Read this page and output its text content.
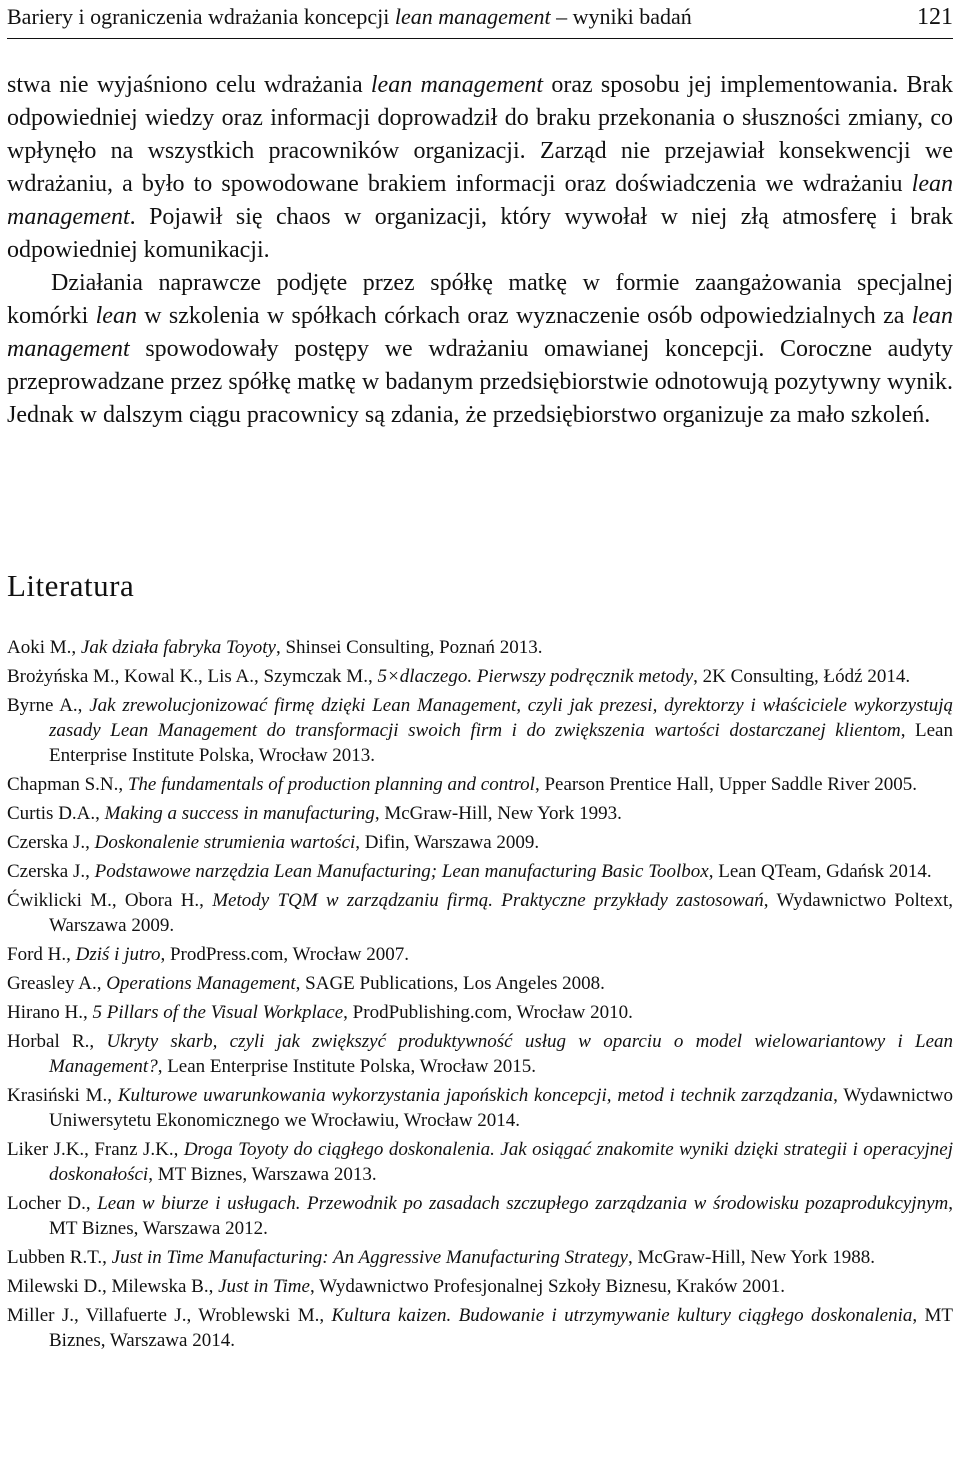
Bariery i ograniczenia wdrażania koncepcji lean management – wyniki badań	121

stwa nie wyjaśniono celu wdrażania lean management oraz sposobu jej implementowania. Brak odpowiedniej wiedzy oraz informacji doprowadził do braku przekonania o słuszności zmiany, co wpłynęło na wszystkich pracowników organizacji. Zarząd nie przejawiał konsekwencji we wdrażaniu, a było to spowodowane brakiem informacji oraz doświadczenia we wdrażaniu lean management. Pojawił się chaos w organizacji, który wywołał w niej złą atmosferę i brak odpowiedniej komunikacji.

Działania naprawcze podjęte przez spółkę matkę w formie zaangażowania specjalnej komórki lean w szkolenia w spółkach córkach oraz wyznaczenie osób odpowiedzialnych za lean management spowodowały postępy we wdrażaniu omawianej koncepcji. Coroczne audyty przeprowadzane przez spółkę matkę w badanym przedsiębiorstwie odnotowują pozytywny wynik. Jednak w dalszym ciągu pracownicy są zdania, że przedsiębiorstwo organizuje za mało szkoleń.

Literatura
Aoki M., Jak działa fabryka Toyoty, Shinsei Consulting, Poznań 2013.
Brożyńska M., Kowal K., Lis A., Szymczak M., 5×dlaczego. Pierwszy podręcznik metody, 2K Consulting, Łódź 2014.
Byrne A., Jak zrewolucjonizować firmę dzięki Lean Management, czyli jak prezesi, dyrektorzy i właściciele wykorzystują zasady Lean Management do transformacji swoich firm i do zwiększenia wartości dostarczanej klientom, Lean Enterprise Institute Polska, Wrocław 2013.
Chapman S.N., The fundamentals of production planning and control, Pearson Prentice Hall, Upper Saddle River 2005.
Curtis D.A., Making a success in manufacturing, McGraw-Hill, New York 1993.
Czerska J., Doskonalenie strumienia wartości, Difin, Warszawa 2009.
Czerska J., Podstawowe narzędzia Lean Manufacturing; Lean manufacturing Basic Toolbox, Lean QTeam, Gdańsk 2014.
Ćwiklicki M., Obora H., Metody TQM w zarządzaniu firmą. Praktyczne przykłady zastosowań, Wydawnictwo Poltext, Warszawa 2009.
Ford H., Dziś i jutro, ProdPress.com, Wrocław 2007.
Greasley A., Operations Management, SAGE Publications, Los Angeles 2008.
Hirano H., 5 Pillars of the Visual Workplace, ProdPublishing.com, Wrocław 2010.
Horbal R., Ukryty skarb, czyli jak zwiększyć produktywność usług w oparciu o model wielowariantowy i Lean Management?, Lean Enterprise Institute Polska, Wrocław 2015.
Krasiński M., Kulturowe uwarunkowania wykorzystania japońskich koncepcji, metod i technik zarządzania, Wydawnictwo Uniwersytetu Ekonomicznego we Wrocławiu, Wrocław 2014.
Liker J.K., Franz J.K., Droga Toyoty do ciągłego doskonalenia. Jak osiągać znakomite wyniki dzięki strategii i operacyjnej doskonałości, MT Biznes, Warszawa 2013.
Locher D., Lean w biurze i usługach. Przewodnik po zasadach szczupłego zarządzania w środowisku pozaprodukcyjnym, MT Biznes, Warszawa 2012.
Lubben R.T., Just in Time Manufacturing: An Aggressive Manufacturing Strategy, McGraw-Hill, New York 1988.
Milewski D., Milewska B., Just in Time, Wydawnictwo Profesjonalnej Szkoły Biznesu, Kraków 2001.
Miller J., Villafuerte J., Wroblewski M., Kultura kaizen. Budowanie i utrzymywanie kultury ciągłego doskonalenia, MT Biznes, Warszawa 2014.
